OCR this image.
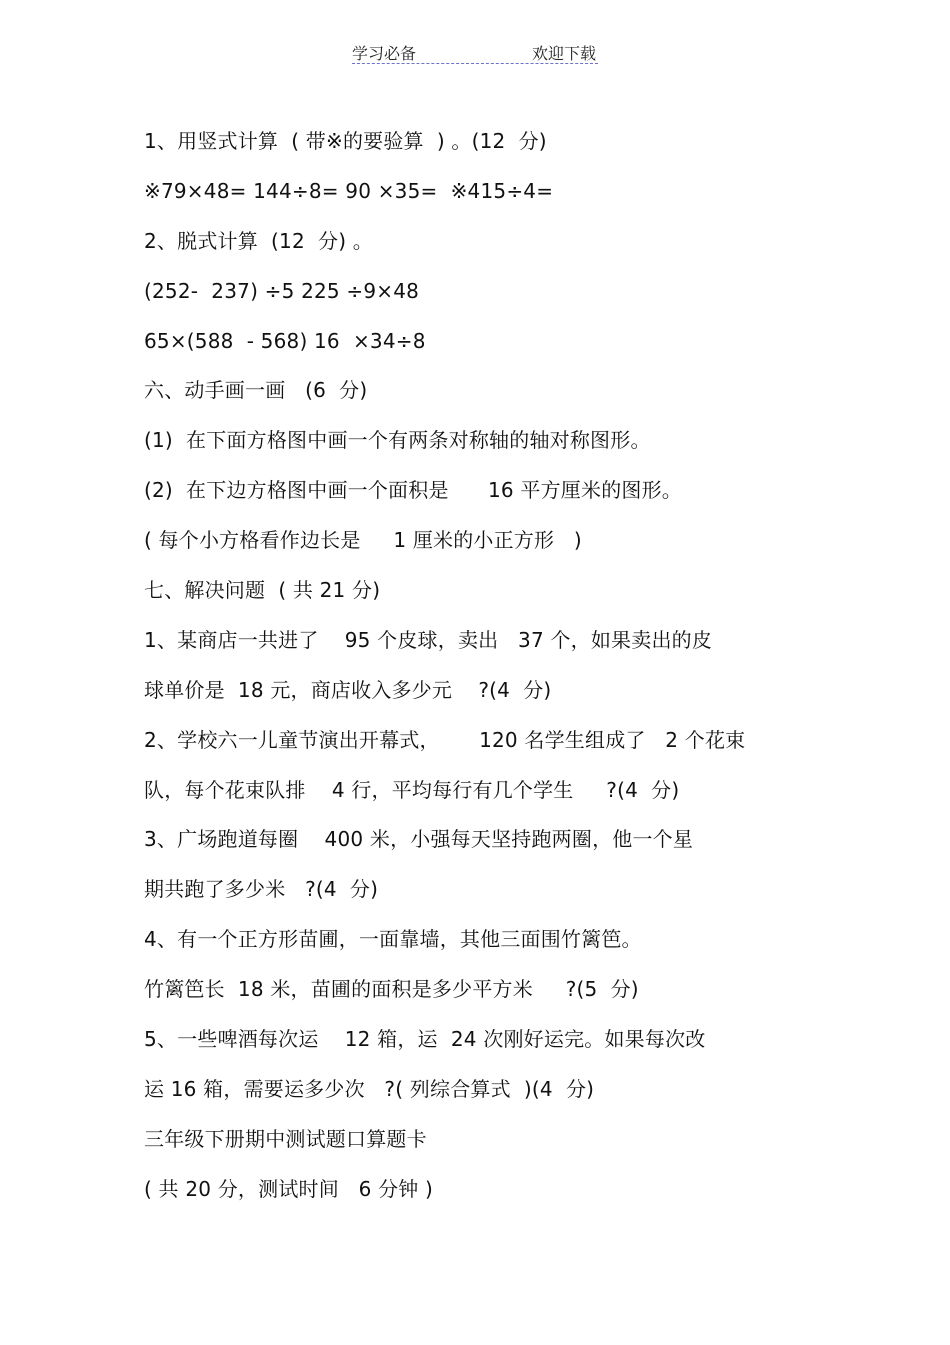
学习必备	欢迎下载
1、用竖式计算  ( 带※的要验算  ) 。(12  分)
※79×48= 144÷8= 90 ×35=  ※415÷4=
2、脱式计算  (12  分) 。
(252-  237) ÷5 225 ÷9×48
65×(588  - 568) 16  ×34÷8
六、动手画一画   (6  分)
(1)  在下面方格图中画一个有两条对称轴的轴对称图形。
(2)  在下边方格图中画一个面积是      16 平方厘米的图形。
( 每个小方格看作边长是     1 厘米的小正方形   )
七、解决问题  ( 共 21 分)
1、某商店一共进了    95 个皮球，卖出   37 个，如果卖出的皮
球单价是  18 元，商店收入多少元    ?(4  分)
2、学校六一儿童节演出开幕式，      120 名学生组成了   2 个花束
队，每个花束队排    4 行，平均每行有几个学生     ?(4  分)
3、广场跑道每圈    400 米，小强每天坚持跑两圈，他一个星
期共跑了多少米   ?(4  分)
4、有一个正方形苗圃，一面靠墙，其他三面围竹篱笆。
竹篱笆长  18 米，苗圃的面积是多少平方米     ?(5  分)
5、一些啤酒每次运    12 箱，运  24 次刚好运完。如果每次改
运 16 箱，需要运多少次   ?( 列综合算式  )(4  分)
三年级下册期中测试题口算题卡
( 共 20 分，测试时间   6 分钟 )
